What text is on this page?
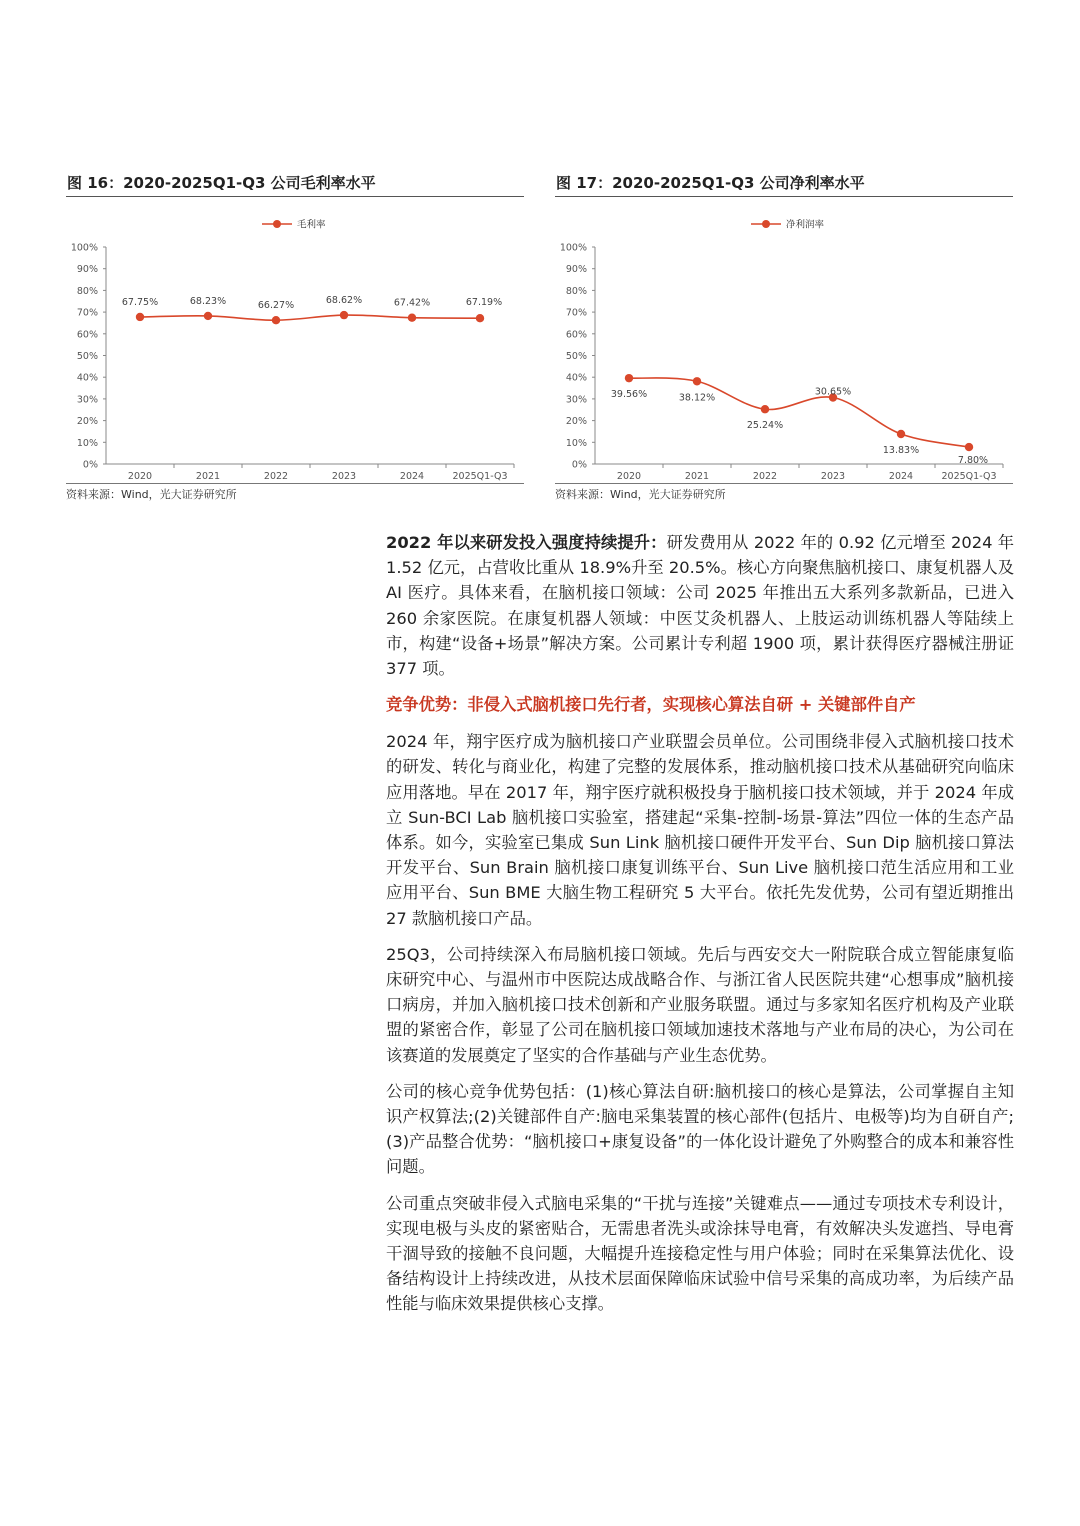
图 16：2020-2025Q1-Q3 公司毛利率水平
毛利率
0%
10%
20%
30%
40%
50%
60%
70%
80%
90%
100%
2020	2021	2022	2023	2024	2025Q1-Q3
67.75%	68.23%	66.27%	68.62%	67.42%	67.19%
资料来源：Wind，光大证券研究所
图 17：2020-2025Q1-Q3 公司净利率水平
净利润率
0%
10%
20%
30%
40%
50%
60%
70%
80%
90%
100%
2020	2021	2022	2023	2024	2025Q1-Q3
39.56%	38.12%
25.24%
30.65%
13.83%
7.80%
资料来源：Wind，光大证券研究所

2022 年以来研发投入强度持续提升：研发费用从 2022 年的 0.92 亿元增至 2024 年 1.52 亿元，占营收比重从 18.9%升至 20.5%。核心方向聚焦脑机接口、康复机器人及 AI 医疗。具体来看，在脑机接口领域：公司 2025 年推出五大系列多款新品，已进入 260 余家医院。在康复机器人领域：中医艾灸机器人、上肢运动训练机器人等陆续上市，构建“设备+场景”解决方案。公司累计专利超 1900 项，累计获得医疗器械注册证 377 项。

竞争优势：非侵入式脑机接口先行者，实现核心算法自研 + 关键部件自产

2024 年，翔宇医疗成为脑机接口产业联盟会员单位。公司围绕非侵入式脑机接口技术的研发、转化与商业化，构建了完整的发展体系，推动脑机接口技术从基础研究向临床应用落地。早在 2017 年，翔宇医疗就积极投身于脑机接口技术领域，并于 2024 年成立 Sun-BCI Lab 脑机接口实验室，搭建起“采集-控制-场景-算法”四位一体的生态产品体系。如今，实验室已集成 Sun Link 脑机接口硬件开发平台、Sun Dip 脑机接口算法开发平台、Sun Brain 脑机接口康复训练平台、Sun Live 脑机接口范生活应用和工业应用平台、Sun BME 大脑生物工程研究 5 大平台。依托先发优势，公司有望近期推出 27 款脑机接口产品。

25Q3，公司持续深入布局脑机接口领域。先后与西安交大一附院联合成立智能康复临床研究中心、与温州市中医院达成战略合作、与浙江省人民医院共建“心想事成”脑机接口病房，并加入脑机接口技术创新和产业服务联盟。通过与多家知名医疗机构及产业联盟的紧密合作，彰显了公司在脑机接口领域加速技术落地与产业布局的决心，为公司在该赛道的发展奠定了坚实的合作基础与产业生态优势。

公司的核心竞争优势包括：(1)核心算法自研:脑机接口的核心是算法，公司掌握自主知识产权算法;(2)关键部件自产:脑电采集装置的核心部件(包括片、电极等)均为自研自产;(3)产品整合优势：“脑机接口+康复设备”的一体化设计避免了外购整合的成本和兼容性问题。

公司重点突破非侵入式脑电采集的“干扰与连接”关键难点——通过专项技术专利设计，实现电极与头皮的紧密贴合，无需患者洗头或涂抹导电膏，有效解决头发遮挡、导电膏干涸导致的接触不良问题，大幅提升连接稳定性与用户体验；同时在采集算法优化、设备结构设计上持续改进，从技术层面保障临床试验中信号采集的高成功率，为后续产品性能与临床效果提供核心支撑。
